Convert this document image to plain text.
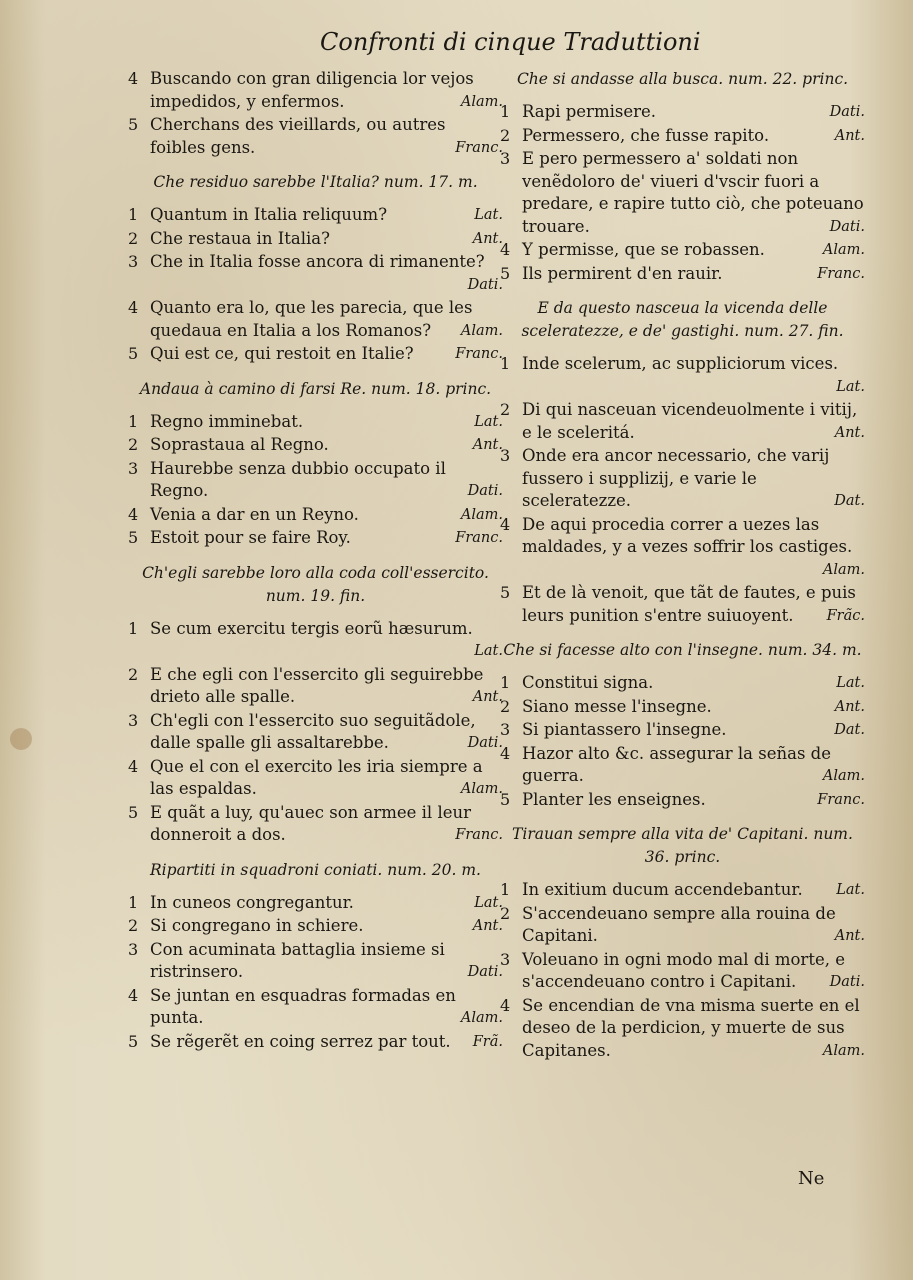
Confronti di cinque Traduttioni
4 Buscando con gran diligencia lor vejos impedidos, y enfermos.	Alam.
5 Cherchans des vieillards, ou autres foibles gens.	Franc.
Che residuo sarebbe l'Italia? num. 17. m.
1 Quantum in Italia reliquum?	Lat.
2 Che restaua in Italia?	Ant.
3 Che in Italia fosse ancora di rimanente?
Dati.
4 Quanto era lo, que les parecia, que les quedaua en Italia a los Romanos?	Alam.
5 Qui est ce, qui restoit en Italie?	Franc.
Andaua à camino di farsi Re. num. 18. princ.
1 Regno imminebat.	Lat.
2 Soprastaua al Regno.	Ant.
3 Haurebbe senza dubbio occupato il Regno.	Dati.
4 Venia a dar en un Reyno.	Alam.
5 Estoit pour se faire Roy.	Franc.
Ch'egli sarebbe loro alla coda coll'essercito. num. 19. fin.
1 Se cum exercitu tergis eorũ hæsurum.
Lat.
2 E che egli con l'essercito gli seguirebbe drieto alle spalle.	Ant.
3 Ch'egli con l'essercito suo seguitãdole, dalle spalle gli assaltarebbe.	Dati.
4 Que el con el exercito les iria siempre a las espaldas.	Alam.
5 E quãt a luy, qu'auec son armee il leur donneroit a dos.	Franc.
Ripartiti in squadroni coniati. num. 20. m.
1 In cuneos congregantur.	Lat.
2 Si congregano in schiere.	Ant.
3 Con acuminata battaglia insieme si ristrinsero.	Dati.
4 Se juntan en esquadras formadas en punta.	Alam.
5 Se rẽgerẽt en coing serrez par tout.	Frã.
Che si andasse alla busca. num. 22. princ.
1 Rapi permisere.	Dati.
2 Permessero, che fusse rapito.	Ant.
3 E pero permessero a' soldati non venẽdoloro de' viueri d'vscir fuori a predare, e rapire tutto ciò, che poteuano trouare.	Dati.
4 Y permisse, que se robassen.	Alam.
5 Ils permirent d'en rauir.	Franc.
E da questo nasceua la vicenda delle sceleratezze, e de' gastighi. num. 27. fin.
1 Inde scelerum, ac suppliciorum vices.
Lat.
2 Di qui nasceuan vicendeuolmente i vitij, e le sceleritá.	Ant.
3 Onde era ancor necessario, che varij fussero i supplizij, e varie le sceleratezze.	Dat.
4 De aqui procedia correr a uezes las maldades, y a vezes soffrir los castiges.
Alam.
5 Et de là venoit, que tãt de fautes, e puis leurs punition s'entre suiuoyent.	Frãc.
Che si facesse alto con l'insegne. num. 34. m.
1 Constitui signa.	Lat.
2 Siano messe l'insegne.	Ant.
3 Si piantassero l'insegne.	Dat.
4 Hazor alto &c. assegurar la señas de guerra.	Alam.
5 Planter les enseignes.	Franc.
Tirauan sempre alla vita de' Capitani. num. 36. princ.
1 In exitium ducum accendebantur.	Lat.
2 S'accendeuano sempre alla rouina de Capitani.	Ant.
3 Voleuano in ogni modo mal di morte, e s'accendeuano contro i Capitani.	Dati.
4 Se encendian de vna misma suerte en el deseo de la perdicion, y muerte de sus Capitanes.	Alam.
Ne
